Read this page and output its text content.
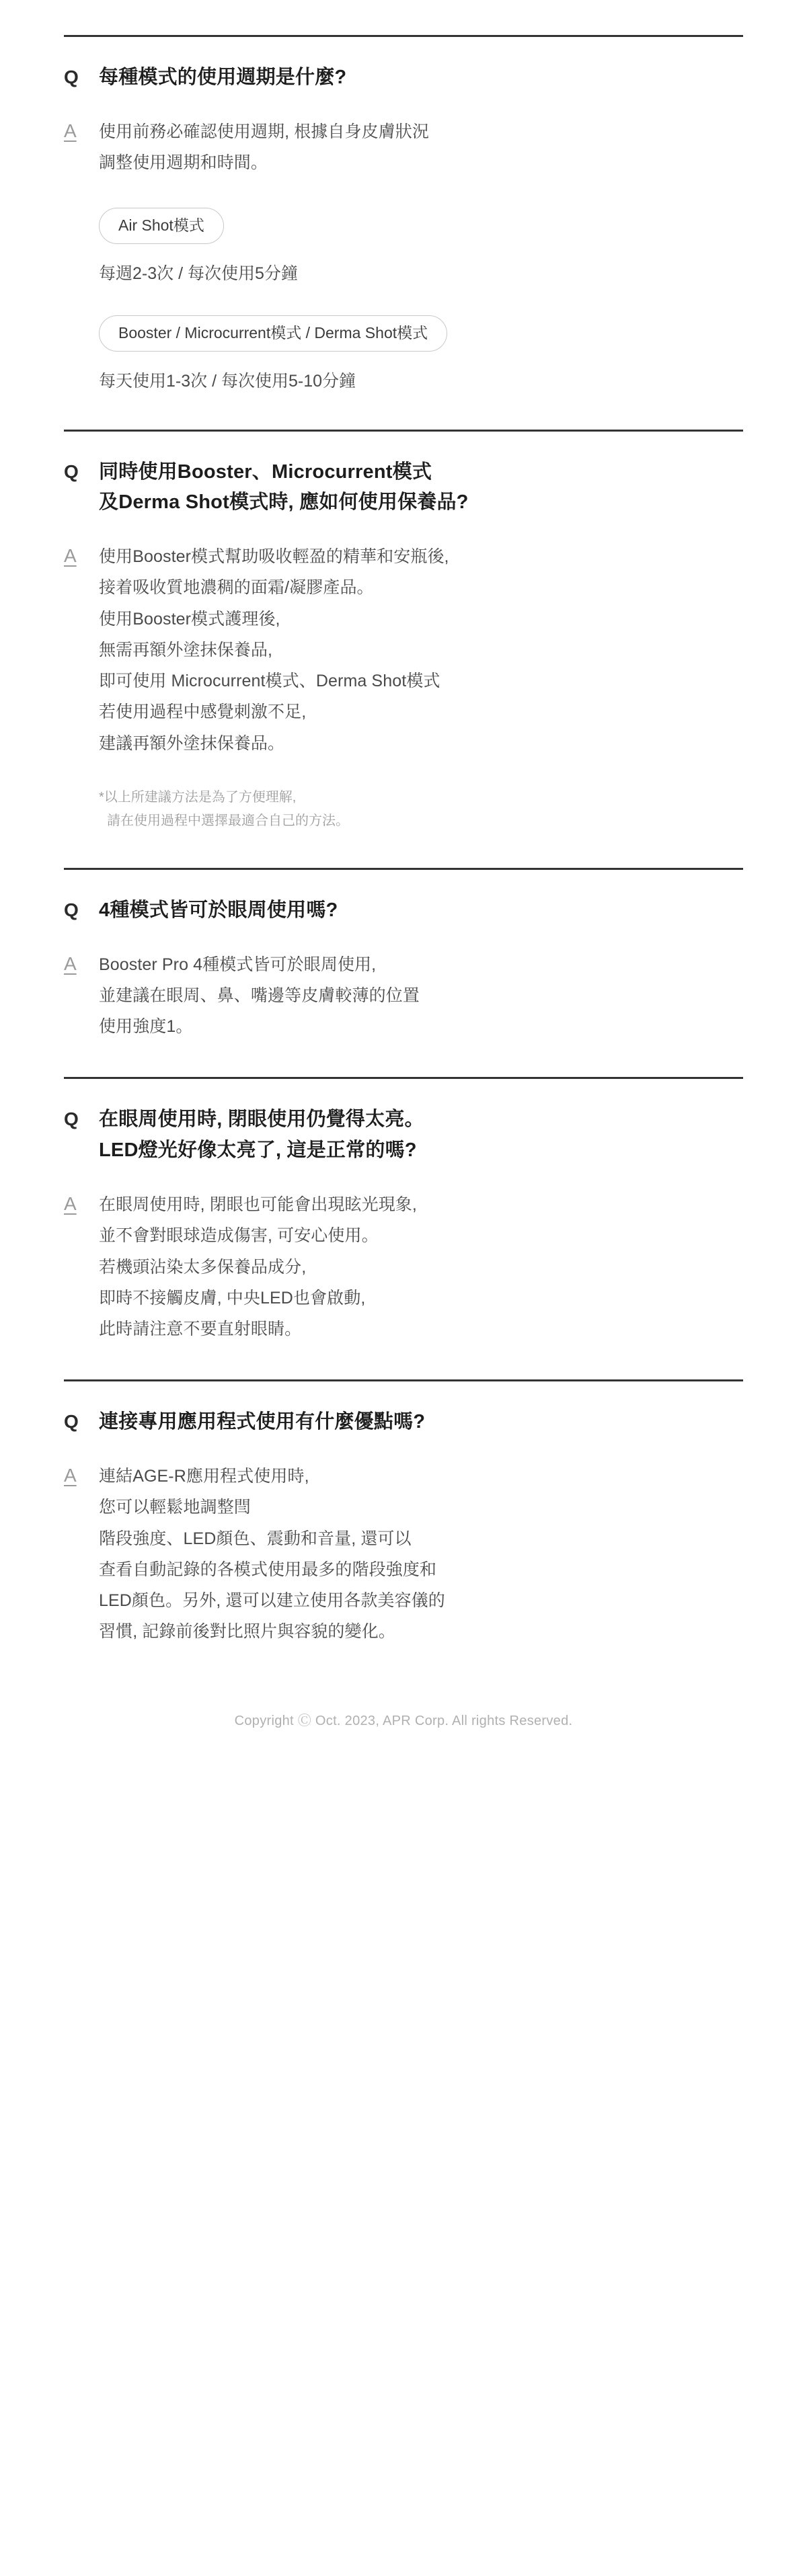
Q	每種模式的使用週期是什麼?
A	使用前務必確認使用週期, 根據自身皮膚狀況
調整使用週期和時間。
Air Shot模式
每週2-3次 / 每次使用5分鐘
Booster / Microcurrent模式 / Derma Shot模式
每天使用1-3次 / 每次使用5-10分鐘
Q	同時使用Booster、Microcurrent模式
及Derma Shot模式時, 應如何使用保養品?
A	使用Booster模式幫助吸收輕盈的精華和安瓶後,
接着吸收質地濃稠的面霜/凝膠產品。
使用Booster模式護理後,
無需再額外塗抹保養品,
即可使用 Microcurrent模式、Derma Shot模式
若使用過程中感覺刺激不足,
建議再額外塗抹保養品。
*以上所建議方法是為了方便理解,
請在使用過程中選擇最適合自己的方法。
Q	4種模式皆可於眼周使用嗎?
A	Booster Pro 4種模式皆可於眼周使用,
並建議在眼周、鼻、嘴邊等皮膚較薄的位置
使用強度1。
Q	在眼周使用時, 閉眼使用仍覺得太亮。
LED燈光好像太亮了, 這是正常的嗎?
A	在眼周使用時, 閉眼也可能會出現眩光現象,
並不會對眼球造成傷害, 可安心使用。
若機頭沾染太多保養品成分,
即時不接觸皮膚, 中央LED也會啟動,
此時請注意不要直射眼睛。
Q	連接專用應用程式使用有什麼優點嗎?
A	連結AGE-R應用程式使用時,
您可以輕鬆地調整閆
階段強度、LED顏色、震動和音量, 還可以
查看自動記錄的各模式使用最多的階段強度和
LED顏色。另外, 還可以建立使用各款美容儀的
習慣, 記錄前後對比照片與容貌的變化。
Copyright Ⓒ Oct. 2023, APR Corp. All rights Reserved.
